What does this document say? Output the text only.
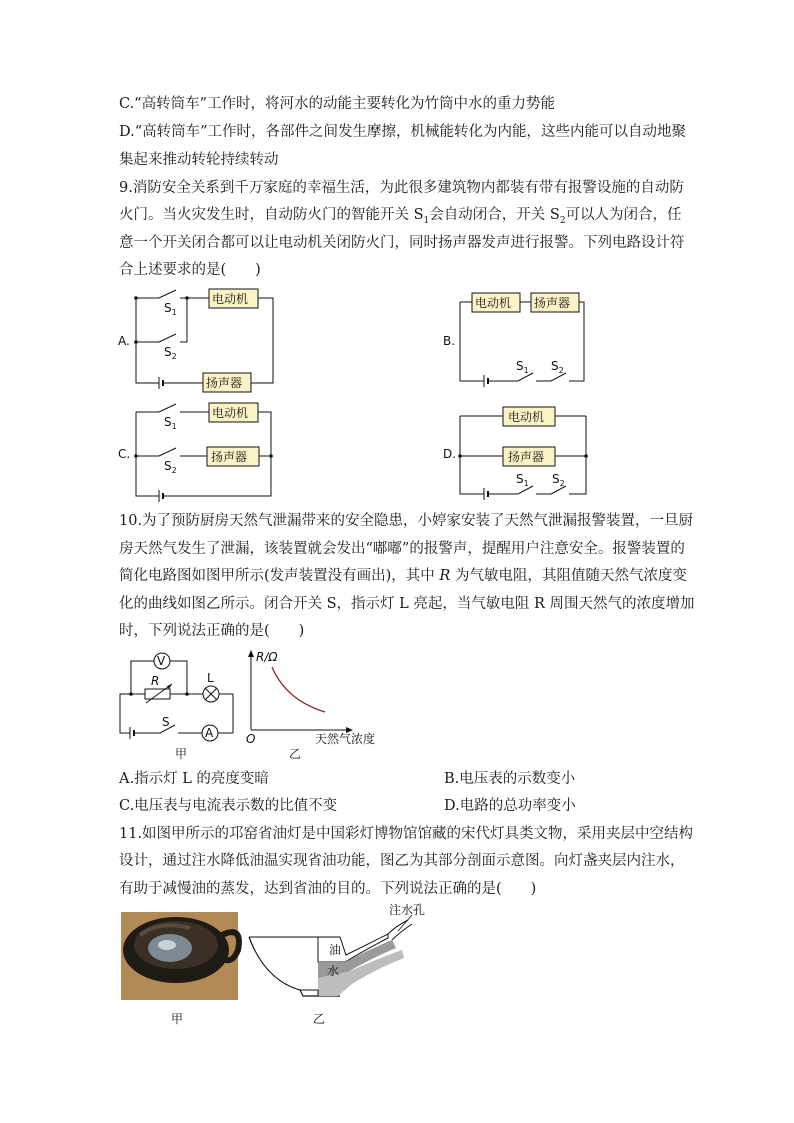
C.“高转筒车”工作时，将河水的动能主要转化为竹筒中水的重力势能
D.“高转筒车”工作时，各部件之间发生摩擦，机械能转化为内能，这些内能可以自动地聚
集起来推动转轮持续转动
9.消防安全关系到千万家庭的幸福生活，为此很多建筑物内都装有带有报警设施的自动防
火门。当火灾发生时，自动防火门的智能开关 $S_1$会自动闭合，开关 $S_2$可以人为闭合，任
意一个开关闭合都可以让电动机关闭防火门，同时扬声器发声进行报警。下列电路设计符
合上述要求的是(　　)
A.
扬声器
电动机
$S_1$
$S_2$
B.
$S_1$ $S_2$
电动机 扬声器
C.
电动机
$S_1$
扬声器
$S_2$
D.
$S_1$ $S_2$
电动机
扬声器
10.为了预防厨房天然气泄漏带来的安全隐患，小婷家安装了天然气泄漏报警装置，一旦厨
房天然气发生了泄漏，该装置就会发出“嘟嘟”的报警声，提醒用户注意安全。报警装置的
简化电路图如图甲所示(发声装置没有画出)，其中 R 为气敏电阻，其阻值随天然气浓度变
化的曲线如图乙所示。闭合开关 S，指示灯 L 亮起，当气敏电阻 R 周围天然气的浓度增加
时，下列说法正确的是(　　)
V
R	L
S
A
甲
R/Ω
O	天然气浓度
乙
A.指示灯 L 的亮度变暗	B.电压表的示数变小
C.电压表与电流表示数的比值不变	D.电路的总功率变小
11.如图甲所示的邛窑省油灯是中国彩灯博物馆馆藏的宋代灯具类文物，采用夹层中空结构
设计，通过注水降低油温实现省油功能，图乙为其部分剖面示意图。向灯盏夹层内注水，
有助于减慢油的蒸发，达到省油的目的。下列说法正确的是(　　)
甲
注水孔
油
水
乙
